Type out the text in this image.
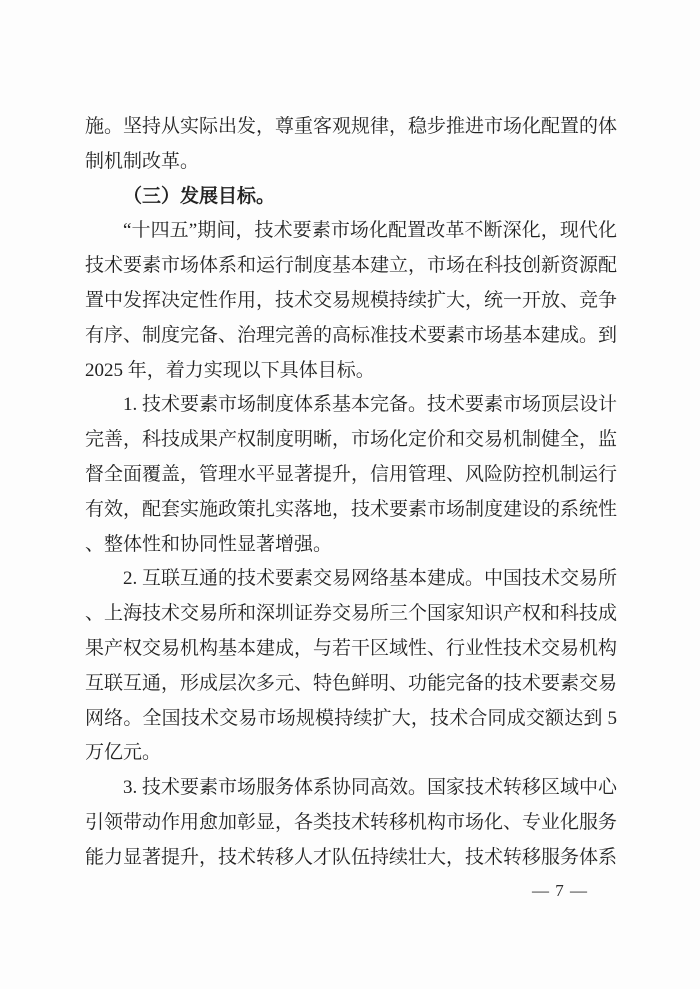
施。坚持从实际出发，尊重客观规律，稳步推进市场化配置的体制机制改革。

（三）发展目标。

“十四五”期间，技术要素市场化配置改革不断深化，现代化技术要素市场体系和运行制度基本建立，市场在科技创新资源配置中发挥决定性作用，技术交易规模持续扩大，统一开放、竞争有序、制度完备、治理完善的高标准技术要素市场基本建成。到 2025 年，着力实现以下具体目标。

1. 技术要素市场制度体系基本完备。技术要素市场顶层设计完善，科技成果产权制度明晰，市场化定价和交易机制健全，监督全面覆盖，管理水平显著提升，信用管理、风险防控机制运行有效，配套实施政策扎实落地，技术要素市场制度建设的系统性、整体性和协同性显著增强。

2. 互联互通的技术要素交易网络基本建成。中国技术交易所、上海技术交易所和深圳证券交易所三个国家知识产权和科技成果产权交易机构基本建成，与若干区域性、行业性技术交易机构互联互通，形成层次多元、特色鲜明、功能完备的技术要素交易网络。全国技术交易市场规模持续扩大，技术合同成交额达到 5 万亿元。

3. 技术要素市场服务体系协同高效。国家技术转移区域中心引领带动作用愈加彰显，各类技术转移机构市场化、专业化服务能力显著提升，技术转移人才队伍持续壮大，技术转移服务体系

— 7 —
